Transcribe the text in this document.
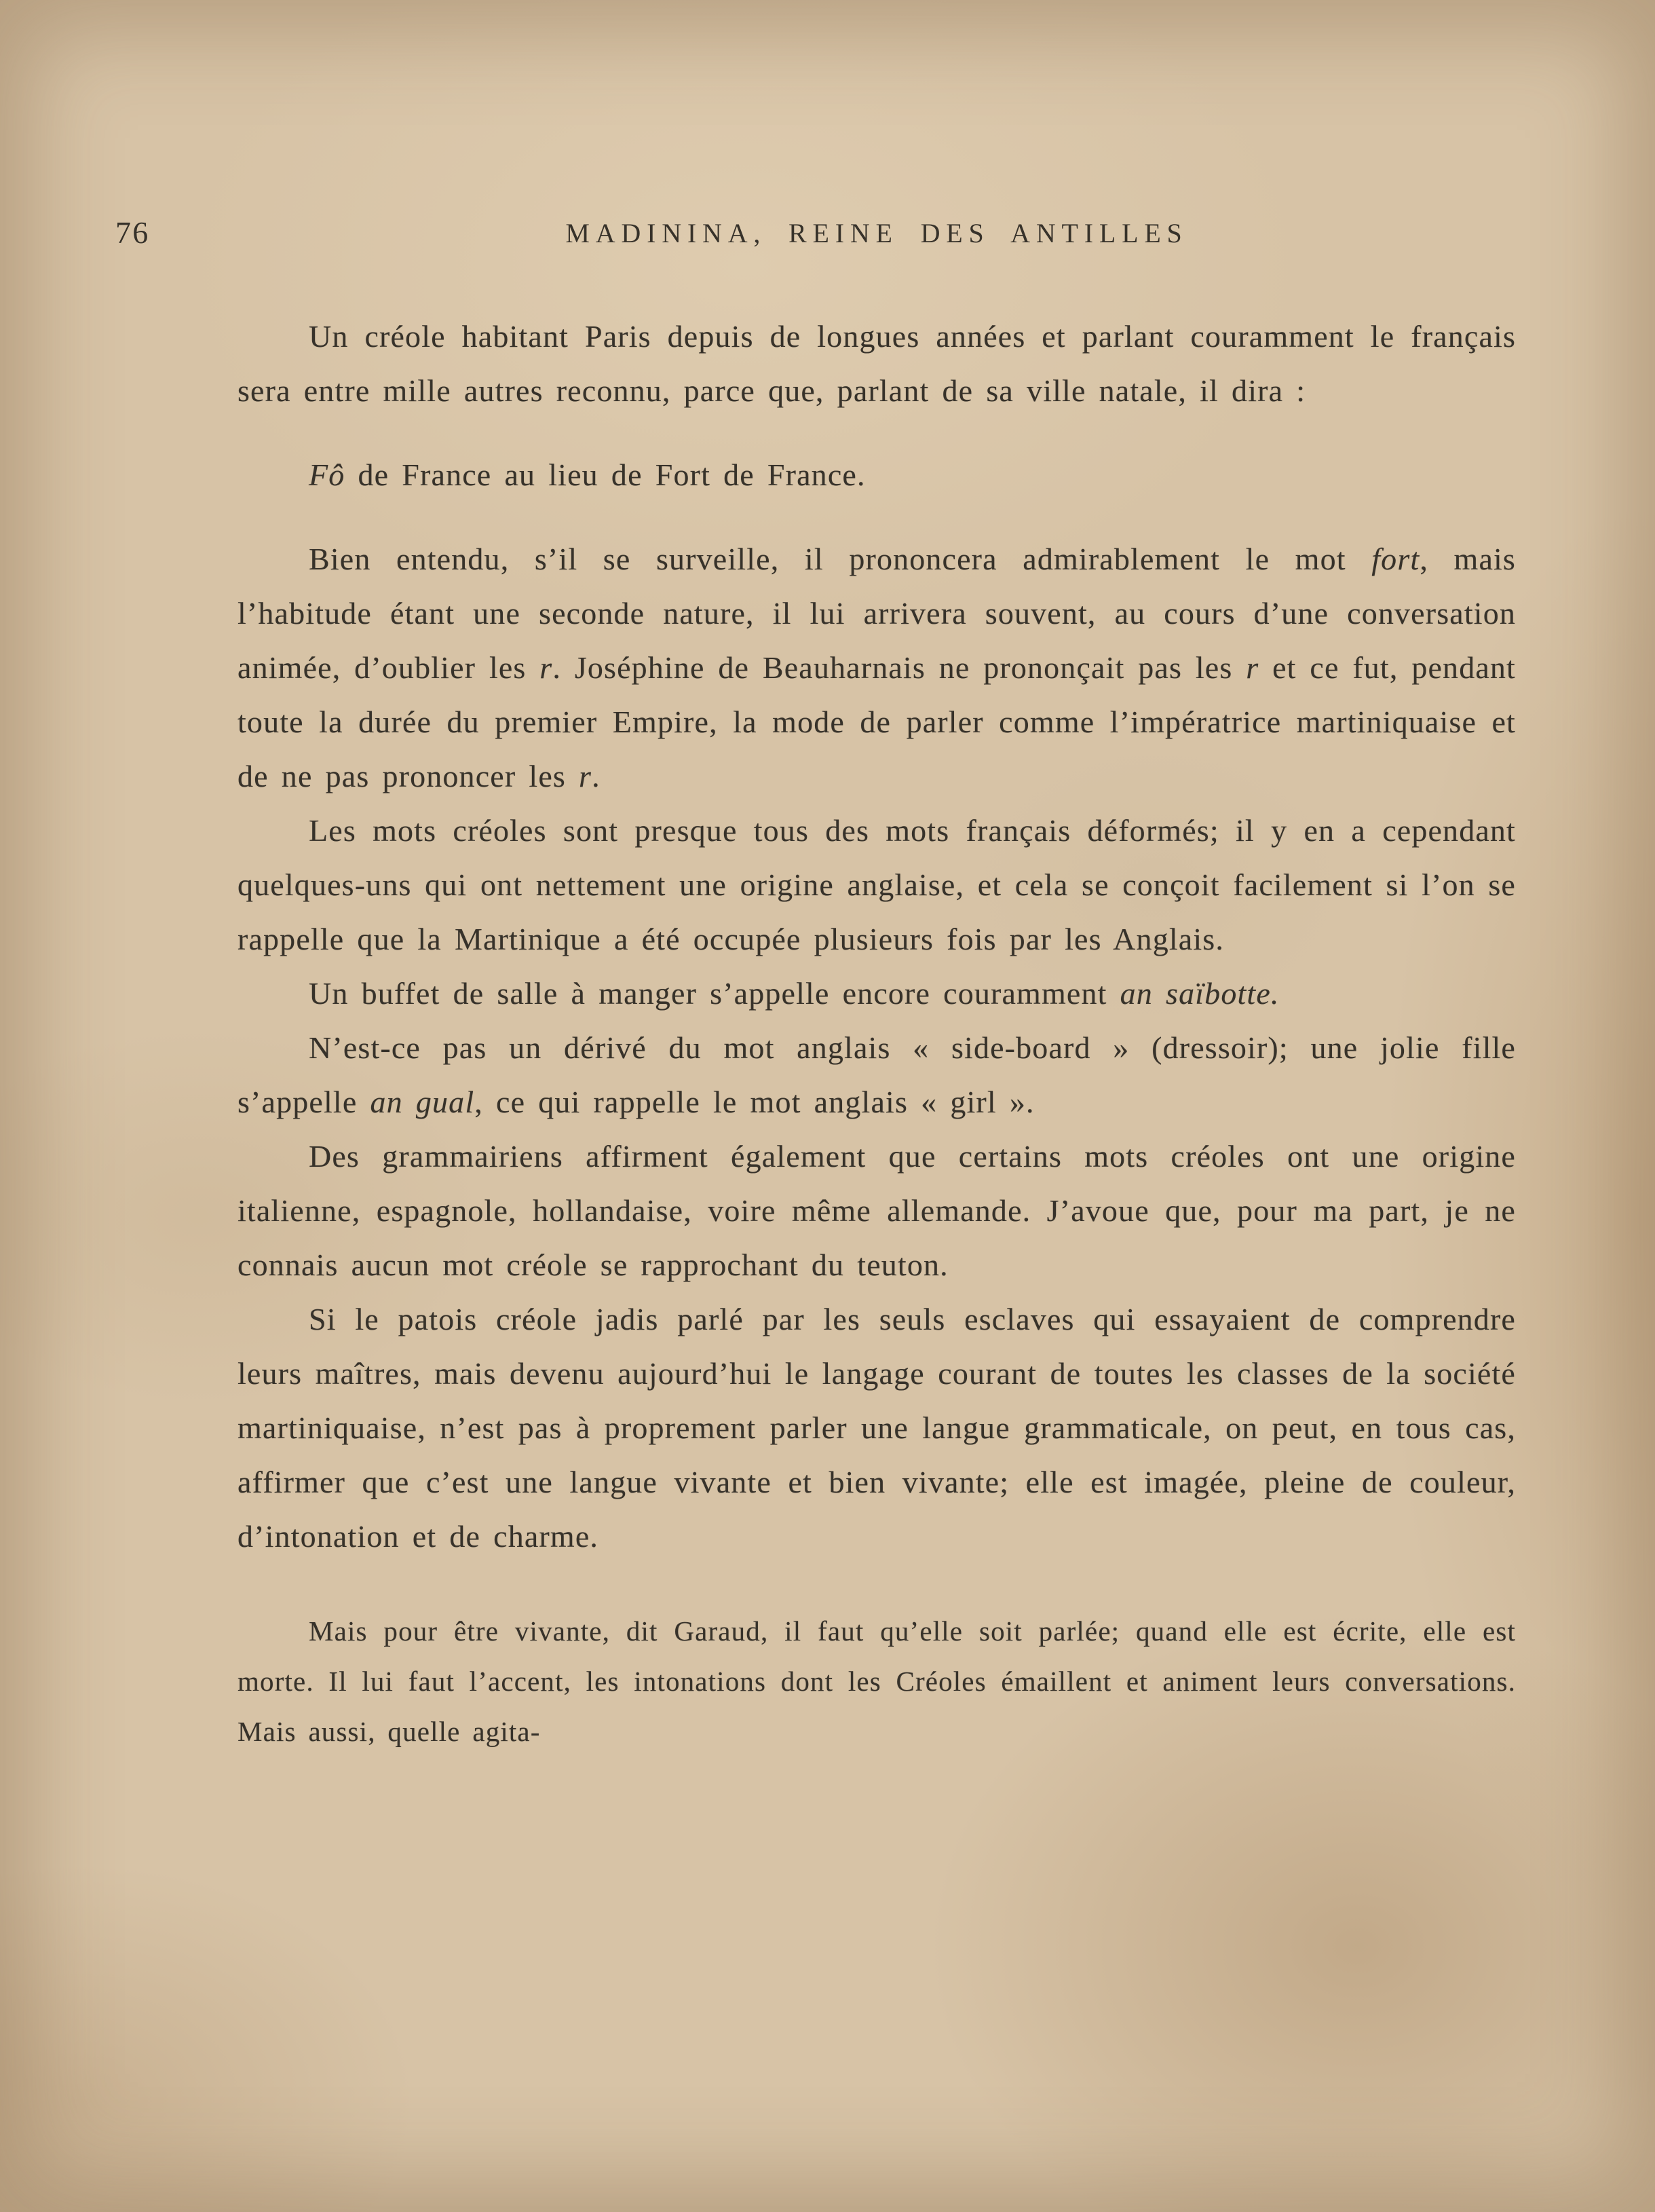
76	MADININA, REINE DES ANTILLES

Un créole habitant Paris depuis de longues années et parlant couramment le français sera entre mille autres reconnu, parce que, parlant de sa ville natale, il dira :

Fô de France au lieu de Fort de France.

Bien entendu, s’il se surveille, il prononcera admirablement le mot fort, mais l’habitude étant une seconde nature, il lui arrivera souvent, au cours d’une conversation animée, d’oublier les r. Joséphine de Beauharnais ne prononçait pas les r et ce fut, pendant toute la durée du premier Empire, la mode de parler comme l’impératrice martiniquaise et de ne pas prononcer les r.

Les mots créoles sont presque tous des mots français déformés; il y en a cependant quelques-uns qui ont nettement une origine anglaise, et cela se conçoit facilement si l’on se rappelle que la Martinique a été occupée plusieurs fois par les Anglais.

Un buffet de salle à manger s’appelle encore couramment an saïbotte.

N’est-ce pas un dérivé du mot anglais « side-board » (dressoir); une jolie fille s’appelle an gual, ce qui rappelle le mot anglais « girl ».

Des grammairiens affirment également que certains mots créoles ont une origine italienne, espagnole, hollandaise, voire même allemande. J’avoue que, pour ma part, je ne connais aucun mot créole se rapprochant du teuton.

Si le patois créole jadis parlé par les seuls esclaves qui essayaient de comprendre leurs maîtres, mais devenu aujourd’hui le langage courant de toutes les classes de la société martiniquaise, n’est pas à proprement parler une langue grammaticale, on peut, en tous cas, affirmer que c’est une langue vivante et bien vivante; elle est imagée, pleine de couleur, d’intonation et de charme.

Mais pour être vivante, dit Garaud, il faut qu’elle soit parlée; quand elle est écrite, elle est morte. Il lui faut l’accent, les intonations dont les Créoles émaillent et animent leurs conversations. Mais aussi, quelle agita-
